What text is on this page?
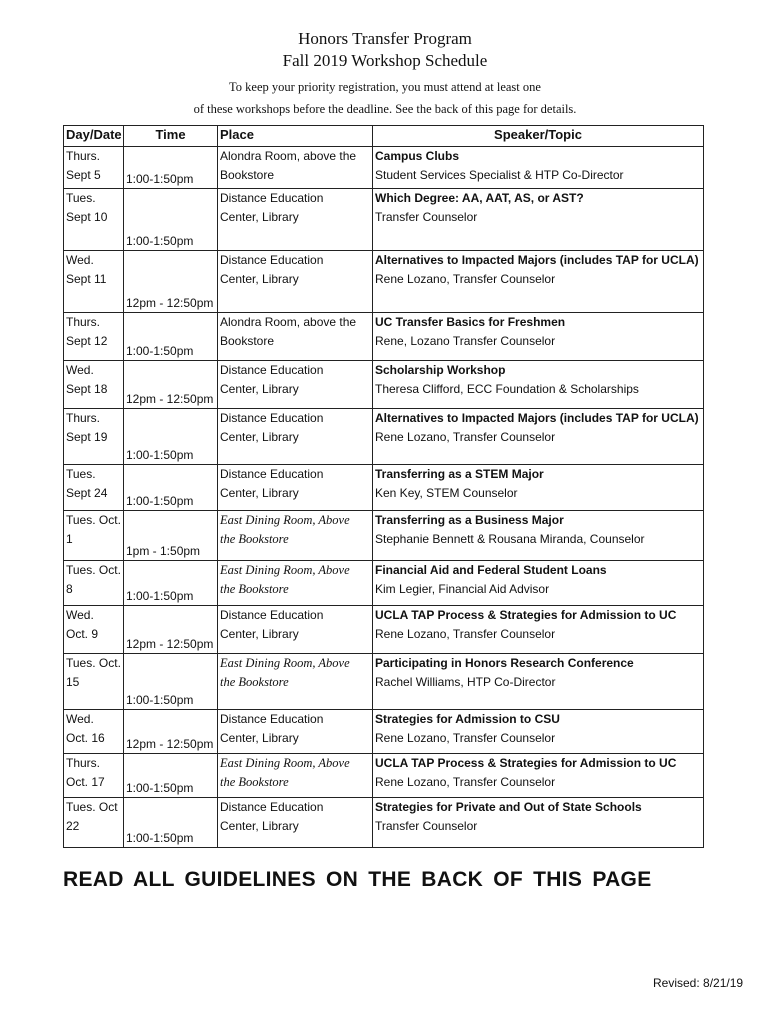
Honors Transfer Program
Fall 2019 Workshop Schedule
To keep your priority registration, you must attend at least one
of these workshops before the deadline. See the back of this page for details.
Day/Date	Time	Place	Speaker/Topic

Thurs.
Sept 5	1:00-1:50pm	Alondra Room, above the
Bookstore	Campus Clubs
Student Services Specialist & HTP Co-Director

Tues.
Sept 10	1:00-1:50pm	Distance Education
Center, Library	Which Degree: AA, AAT, AS, or AST?
Transfer Counselor

Wed.
Sept 11	12pm - 12:50pm	Distance Education
Center, Library	Alternatives to Impacted Majors (includes TAP for UCLA)
Rene Lozano, Transfer Counselor

Thurs.
Sept 12	1:00-1:50pm	Alondra Room, above the
Bookstore	UC Transfer Basics for Freshmen
Rene, Lozano Transfer Counselor

Wed.
Sept 18	12pm - 12:50pm	Distance Education
Center, Library	Scholarship Workshop
Theresa Clifford, ECC Foundation & Scholarships

Thurs.
Sept 19	1:00-1:50pm	Distance Education
Center, Library	Alternatives to Impacted Majors (includes TAP for UCLA)
Rene Lozano, Transfer Counselor

Tues.
Sept 24	1:00-1:50pm	Distance Education
Center, Library	Transferring as a STEM Major
Ken Key, STEM Counselor

Tues. Oct.
1	1pm - 1:50pm	East Dining Room, Above
the Bookstore	Transferring as a Business Major
Stephanie Bennett & Rousana Miranda, Counselor

Tues. Oct.
8	1:00-1:50pm	East Dining Room, Above
the Bookstore	Financial Aid and Federal Student Loans
Kim Legier, Financial Aid Advisor

Wed.
Oct. 9	12pm - 12:50pm	Distance Education
Center, Library	UCLA TAP Process & Strategies for Admission to UC
Rene Lozano, Transfer Counselor

Tues. Oct.
15	1:00-1:50pm	East Dining Room, Above
the Bookstore	Participating in Honors Research Conference
Rachel Williams, HTP Co-Director

Wed.
Oct. 16	12pm - 12:50pm	Distance Education
Center, Library	Strategies for Admission to CSU
Rene Lozano, Transfer Counselor

Thurs.
Oct. 17	1:00-1:50pm	East Dining Room, Above
the Bookstore	UCLA TAP Process & Strategies for Admission to UC
Rene Lozano, Transfer Counselor

Tues. Oct
22	1:00-1:50pm	Distance Education
Center, Library	Strategies for Private and Out of State Schools
Transfer Counselor
READ ALL GUIDELINES ON THE BACK OF THIS PAGE
Revised: 8/21/19
